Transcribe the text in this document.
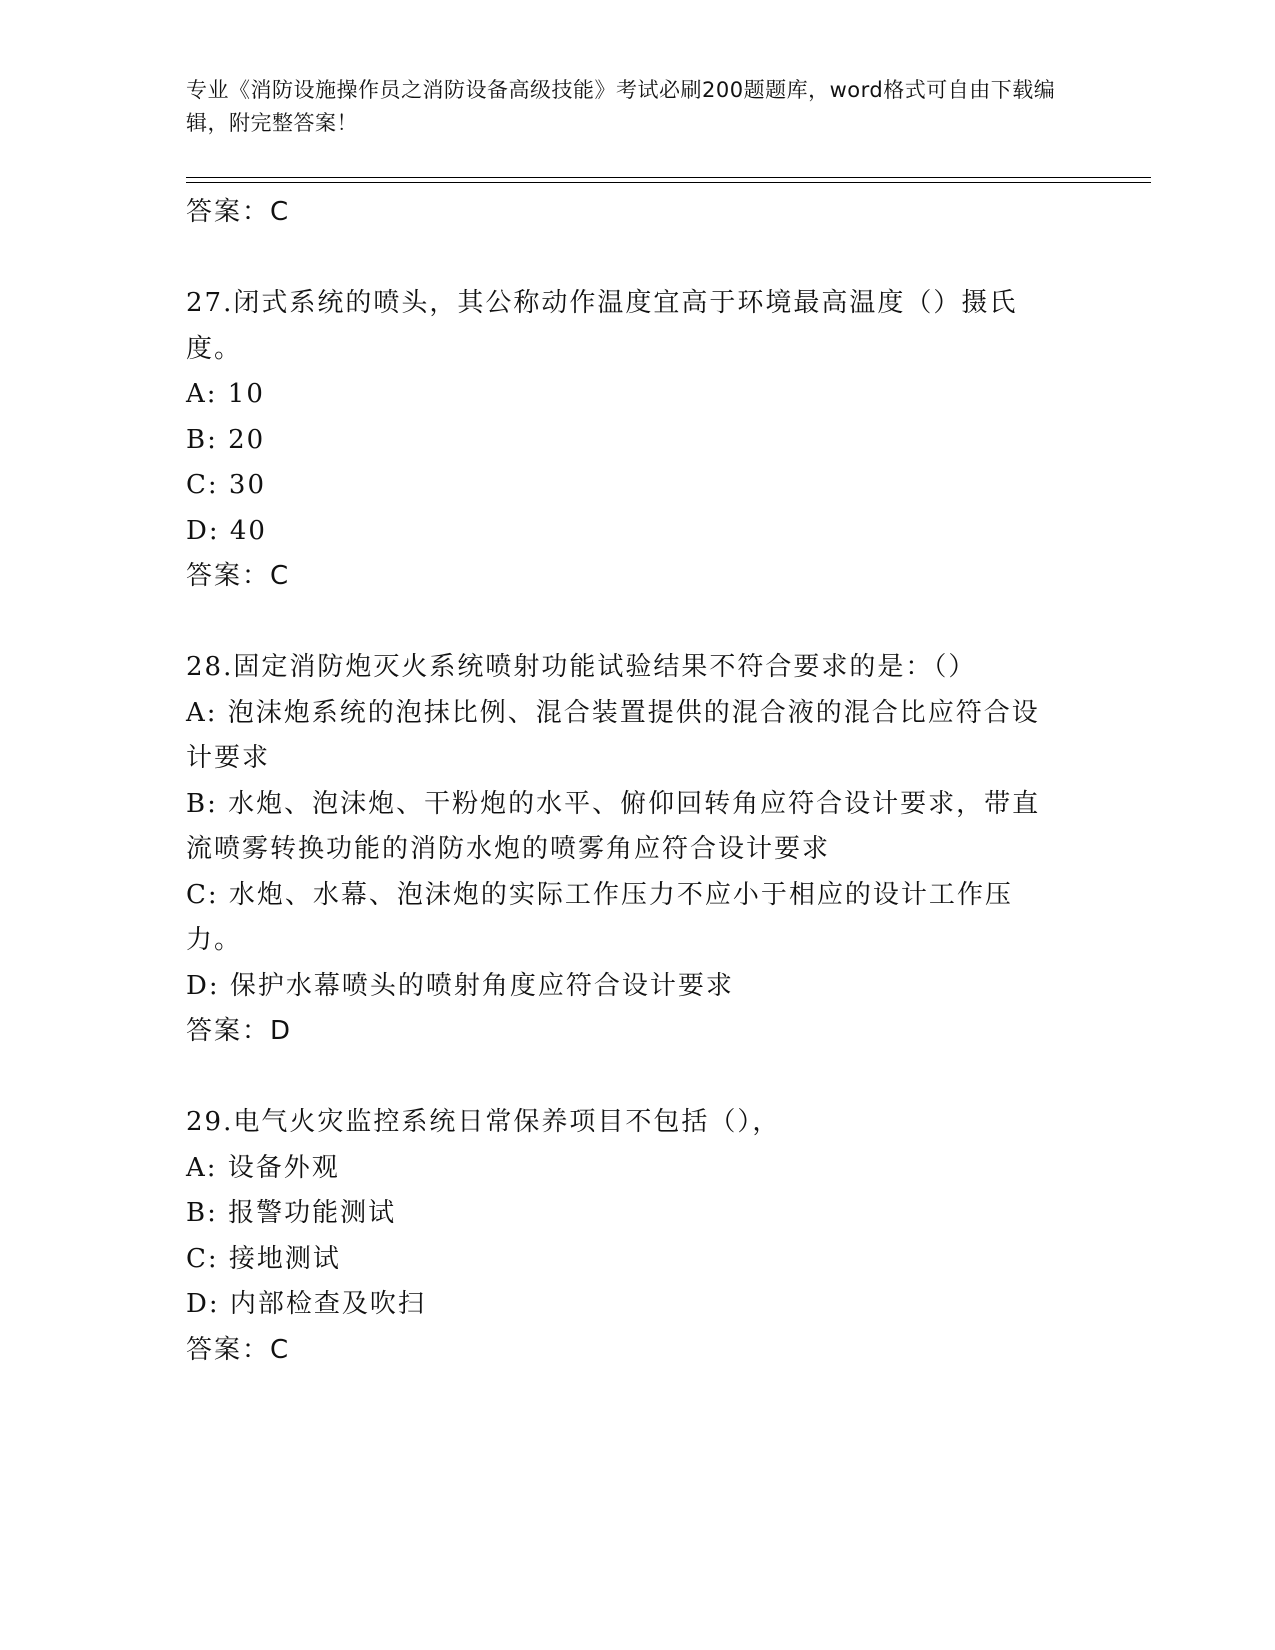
专业《消防设施操作员之消防设备高级技能》考试必刷200题题库，word格式可自由下载编辑，附完整答案！
答案：C
27.闭式系统的喷头，其公称动作温度宜高于环境最高温度（）摄氏度。
A: 10
B: 20
C: 30
D: 40
答案：C
28.固定消防炮灭火系统喷射功能试验结果不符合要求的是：（）
A: 泡沫炮系统的泡抹比例、混合装置提供的混合液的混合比应符合设计要求
B: 水炮、泡沫炮、干粉炮的水平、俯仰回转角应符合设计要求，带直流喷雾转换功能的消防水炮的喷雾角应符合设计要求
C: 水炮、水幕、泡沫炮的实际工作压力不应小于相应的设计工作压力。
D: 保护水幕喷头的喷射角度应符合设计要求
答案：D
29.电气火灾监控系统日常保养项目不包括（），
A: 设备外观
B: 报警功能测试
C: 接地测试
D: 内部检查及吹扫
答案：C
